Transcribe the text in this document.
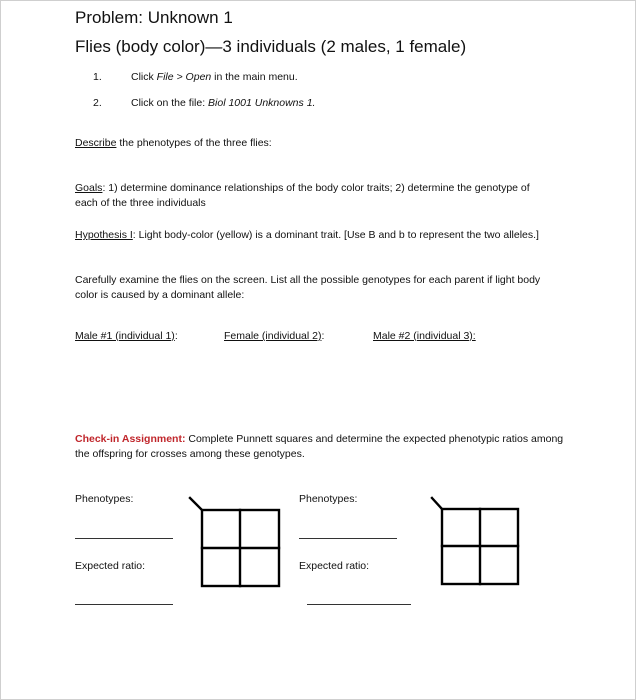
Problem: Unknown 1
Flies (body color)—3 individuals (2 males, 1 female)
1.	Click File > Open in the main menu.
2.	Click on the file: Biol 1001 Unknowns 1.
Describe the phenotypes of the three flies:
Goals: 1) determine dominance relationships of the body color traits; 2) determine the genotype of each of the three individuals
Hypothesis I: Light body-color (yellow) is a dominant trait. [Use B and b to represent the two alleles.]
Carefully examine the flies on the screen. List all the possible genotypes for each parent if light body color is caused by a dominant allele:
Male #1 (individual 1):	Female (individual 2):	Male #2 (individual 3):
Check-in Assignment: Complete Punnett squares and determine the expected phenotypic ratios among the offspring for crosses among these genotypes.
Phenotypes:
Expected ratio:
Phenotypes:
Expected ratio:
